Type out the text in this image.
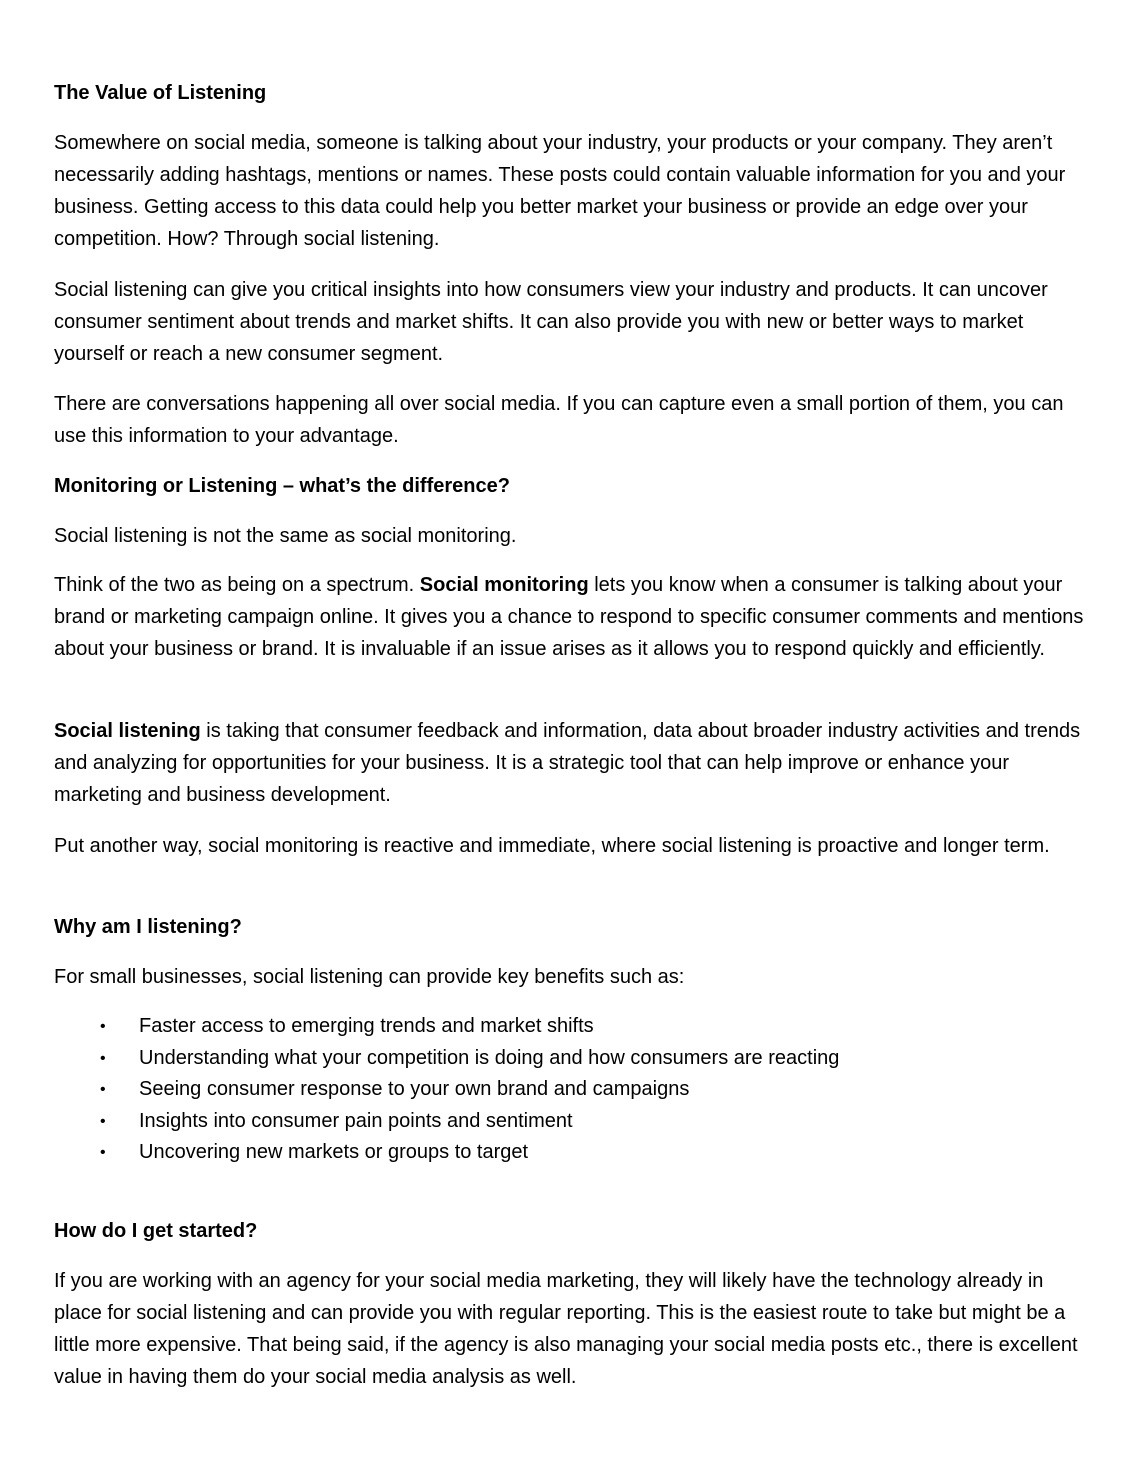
The Value of Listening

Somewhere on social media, someone is talking about your industry, your products or your company. They aren’t necessarily adding hashtags, mentions or names. These posts could contain valuable information for you and your business. Getting access to this data could help you better market your business or provide an edge over your competition. How? Through social listening.

Social listening can give you critical insights into how consumers view your industry and products. It can uncover consumer sentiment about trends and market shifts. It can also provide you with new or better ways to market yourself or reach a new consumer segment.

There are conversations happening all over social media. If you can capture even a small portion of them, you can use this information to your advantage.

Monitoring or Listening – what’s the difference?

Social listening is not the same as social monitoring.

Think of the two as being on a spectrum. Social monitoring lets you know when a consumer is talking about your brand or marketing campaign online. It gives you a chance to respond to specific consumer comments and mentions about your business or brand. It is invaluable if an issue arises as it allows you to respond quickly and efficiently.

Social listening is taking that consumer feedback and information, data about broader industry activities and trends and analyzing for opportunities for your business. It is a strategic tool that can help improve or enhance your marketing and business development.

Put another way, social monitoring is reactive and immediate, where social listening is proactive and longer term.

Why am I listening?

For small businesses, social listening can provide key benefits such as:

• Faster access to emerging trends and market shifts
• Understanding what your competition is doing and how consumers are reacting
• Seeing consumer response to your own brand and campaigns
• Insights into consumer pain points and sentiment
• Uncovering new markets or groups to target
How do I get started?

If you are working with an agency for your social media marketing, they will likely have the technology already in place for social listening and can provide you with regular reporting. This is the easiest route to take but might be a little more expensive. That being said, if the agency is also managing your social media posts etc., there is excellent value in having them do your social media analysis as well.
